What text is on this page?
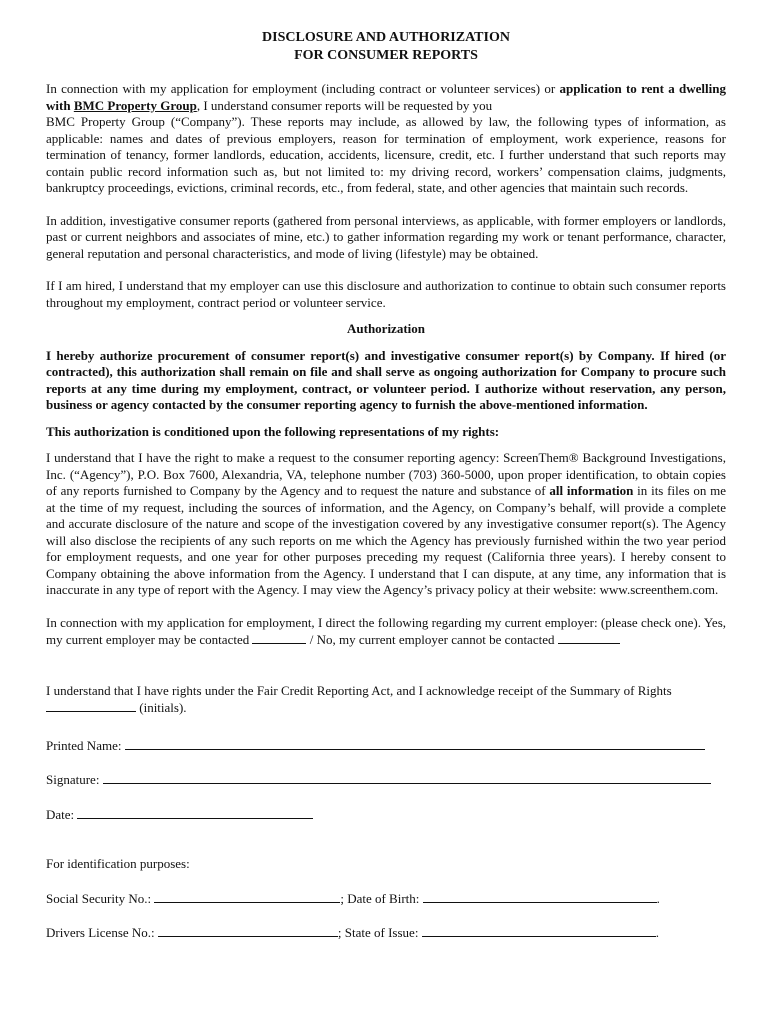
DISCLOSURE AND AUTHORIZATION
FOR CONSUMER REPORTS

In connection with my application for employment (including contract or volunteer services) or application to rent a dwelling with BMC Property Group, I understand consumer reports will be requested by you
BMC Property Group (“Company”). These reports may include, as allowed by law, the following types of information, as applicable: names and dates of previous employers, reason for termination of employment, work experience, reasons for termination of tenancy, former landlords, education, accidents, licensure, credit, etc. I further understand that such reports may contain public record information such as, but not limited to: my driving record, workers’ compensation claims, judgments, bankruptcy proceedings, evictions, criminal records, etc., from federal, state, and other agencies that maintain such records.

In addition, investigative consumer reports (gathered from personal interviews, as applicable, with former employers or landlords, past or current neighbors and associates of mine, etc.) to gather information regarding my work or tenant performance, character, general reputation and personal characteristics, and mode of living (lifestyle) may be obtained.

If I am hired, I understand that my employer can use this disclosure and authorization to continue to obtain such consumer reports throughout my employment, contract period or volunteer service.

Authorization

I hereby authorize procurement of consumer report(s) and investigative consumer report(s) by Company. If hired (or contracted), this authorization shall remain on file and shall serve as ongoing authorization for Company to procure such reports at any time during my employment, contract, or volunteer period. I authorize without reservation, any person, business or agency contacted by the consumer reporting agency to furnish the above-mentioned information.

This authorization is conditioned upon the following representations of my rights:

I understand that I have the right to make a request to the consumer reporting agency: ScreenThem® Background Investigations, Inc. (“Agency”), P.O. Box 7600, Alexandria, VA, telephone number (703) 360-5000, upon proper identification, to obtain copies of any reports furnished to Company by the Agency and to request the nature and substance of all information in its files on me at the time of my request, including the sources of information, and the Agency, on Company’s behalf, will provide a complete and accurate disclosure of the nature and scope of the investigation covered by any investigative consumer report(s). The Agency will also disclose the recipients of any such reports on me which the Agency has previously furnished within the two year period for employment requests, and one year for other purposes preceding my request (California three years). I hereby consent to Company obtaining the above information from the Agency. I understand that I can dispute, at any time, any information that is inaccurate in any type of report with the Agency. I may view the Agency’s privacy policy at their website: www.screenthem.com.

In connection with my application for employment, I direct the following regarding my current employer: (please check one). Yes, my current employer may be contacted	/ No, my current employer cannot be contacted

I understand that I have rights under the Fair Credit Reporting Act, and I acknowledge receipt of the Summary of Rights
(initials).

Printed Name:
Signature:
Date:
For identification purposes:
Social Security No.:	; Date of Birth:	.
Drivers License No.:	; State of Issue:	.
